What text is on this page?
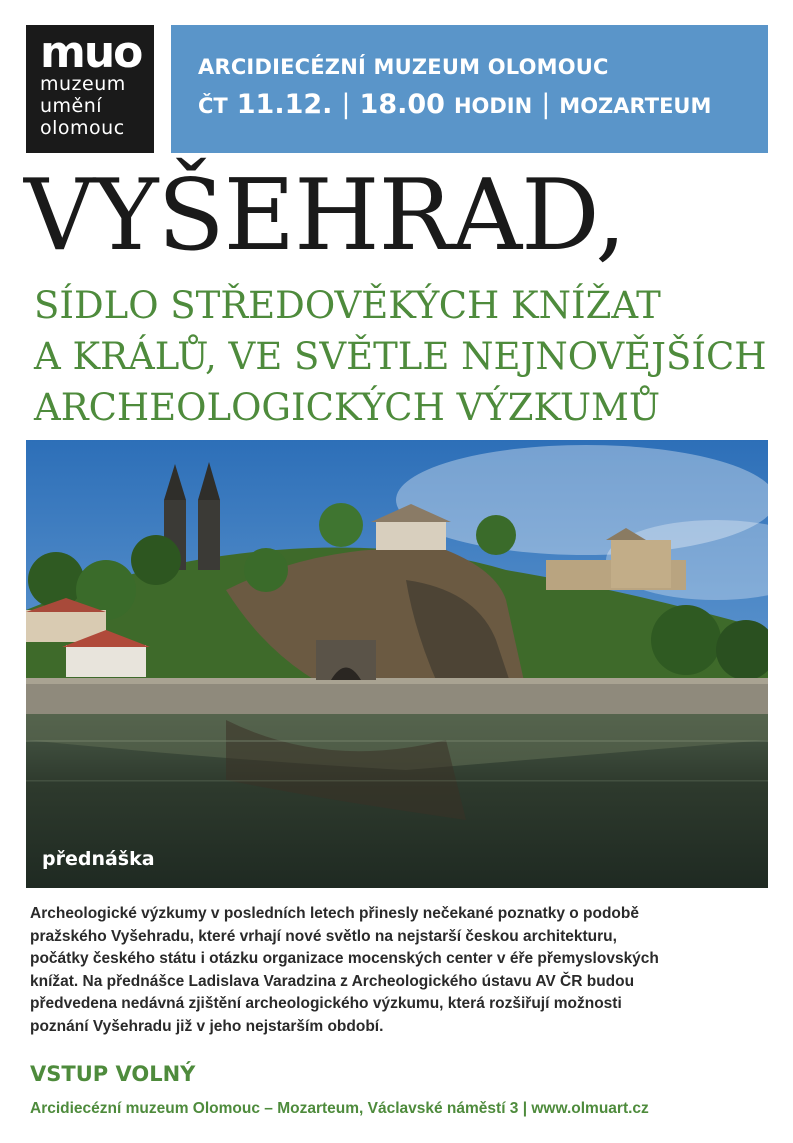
muo
muzeum
umění
olomouc
ARCIDIECÉZNÍ MUZEUM OLOMOUC
ČT 11.12. | 18.00 HODIN | MOZARTEUM
VYŠEHRAD,
SÍDLO STŘEDOVĚKÝCH KNÍŽAT
A KRÁLŮ, VE SVĚTLE NEJNOVĚJŠÍCH
ARCHEOLOGICKÝCH VÝZKUMŮ
přednáška
Archeologické výzkumy v posledních letech přinesly nečekané poznatky o podobě
pražského Vyšehradu, které vrhají nové světlo na nejstarší českou architekturu,
počátky českého státu i otázku organizace mocenských center v éře přemyslovských
knížat. Na přednášce Ladislava Varadzina z Archeologického ústavu AV ČR budou
předvedena nedávná zjištění archeologického výzkumu, která rozšiřují možnosti
poznání Vyšehradu již v jeho nejstarším období.
VSTUP VOLNÝ
Arcidiecézní muzeum Olomouc – Mozarteum, Václavské náměstí 3 | www.olmuart.cz
